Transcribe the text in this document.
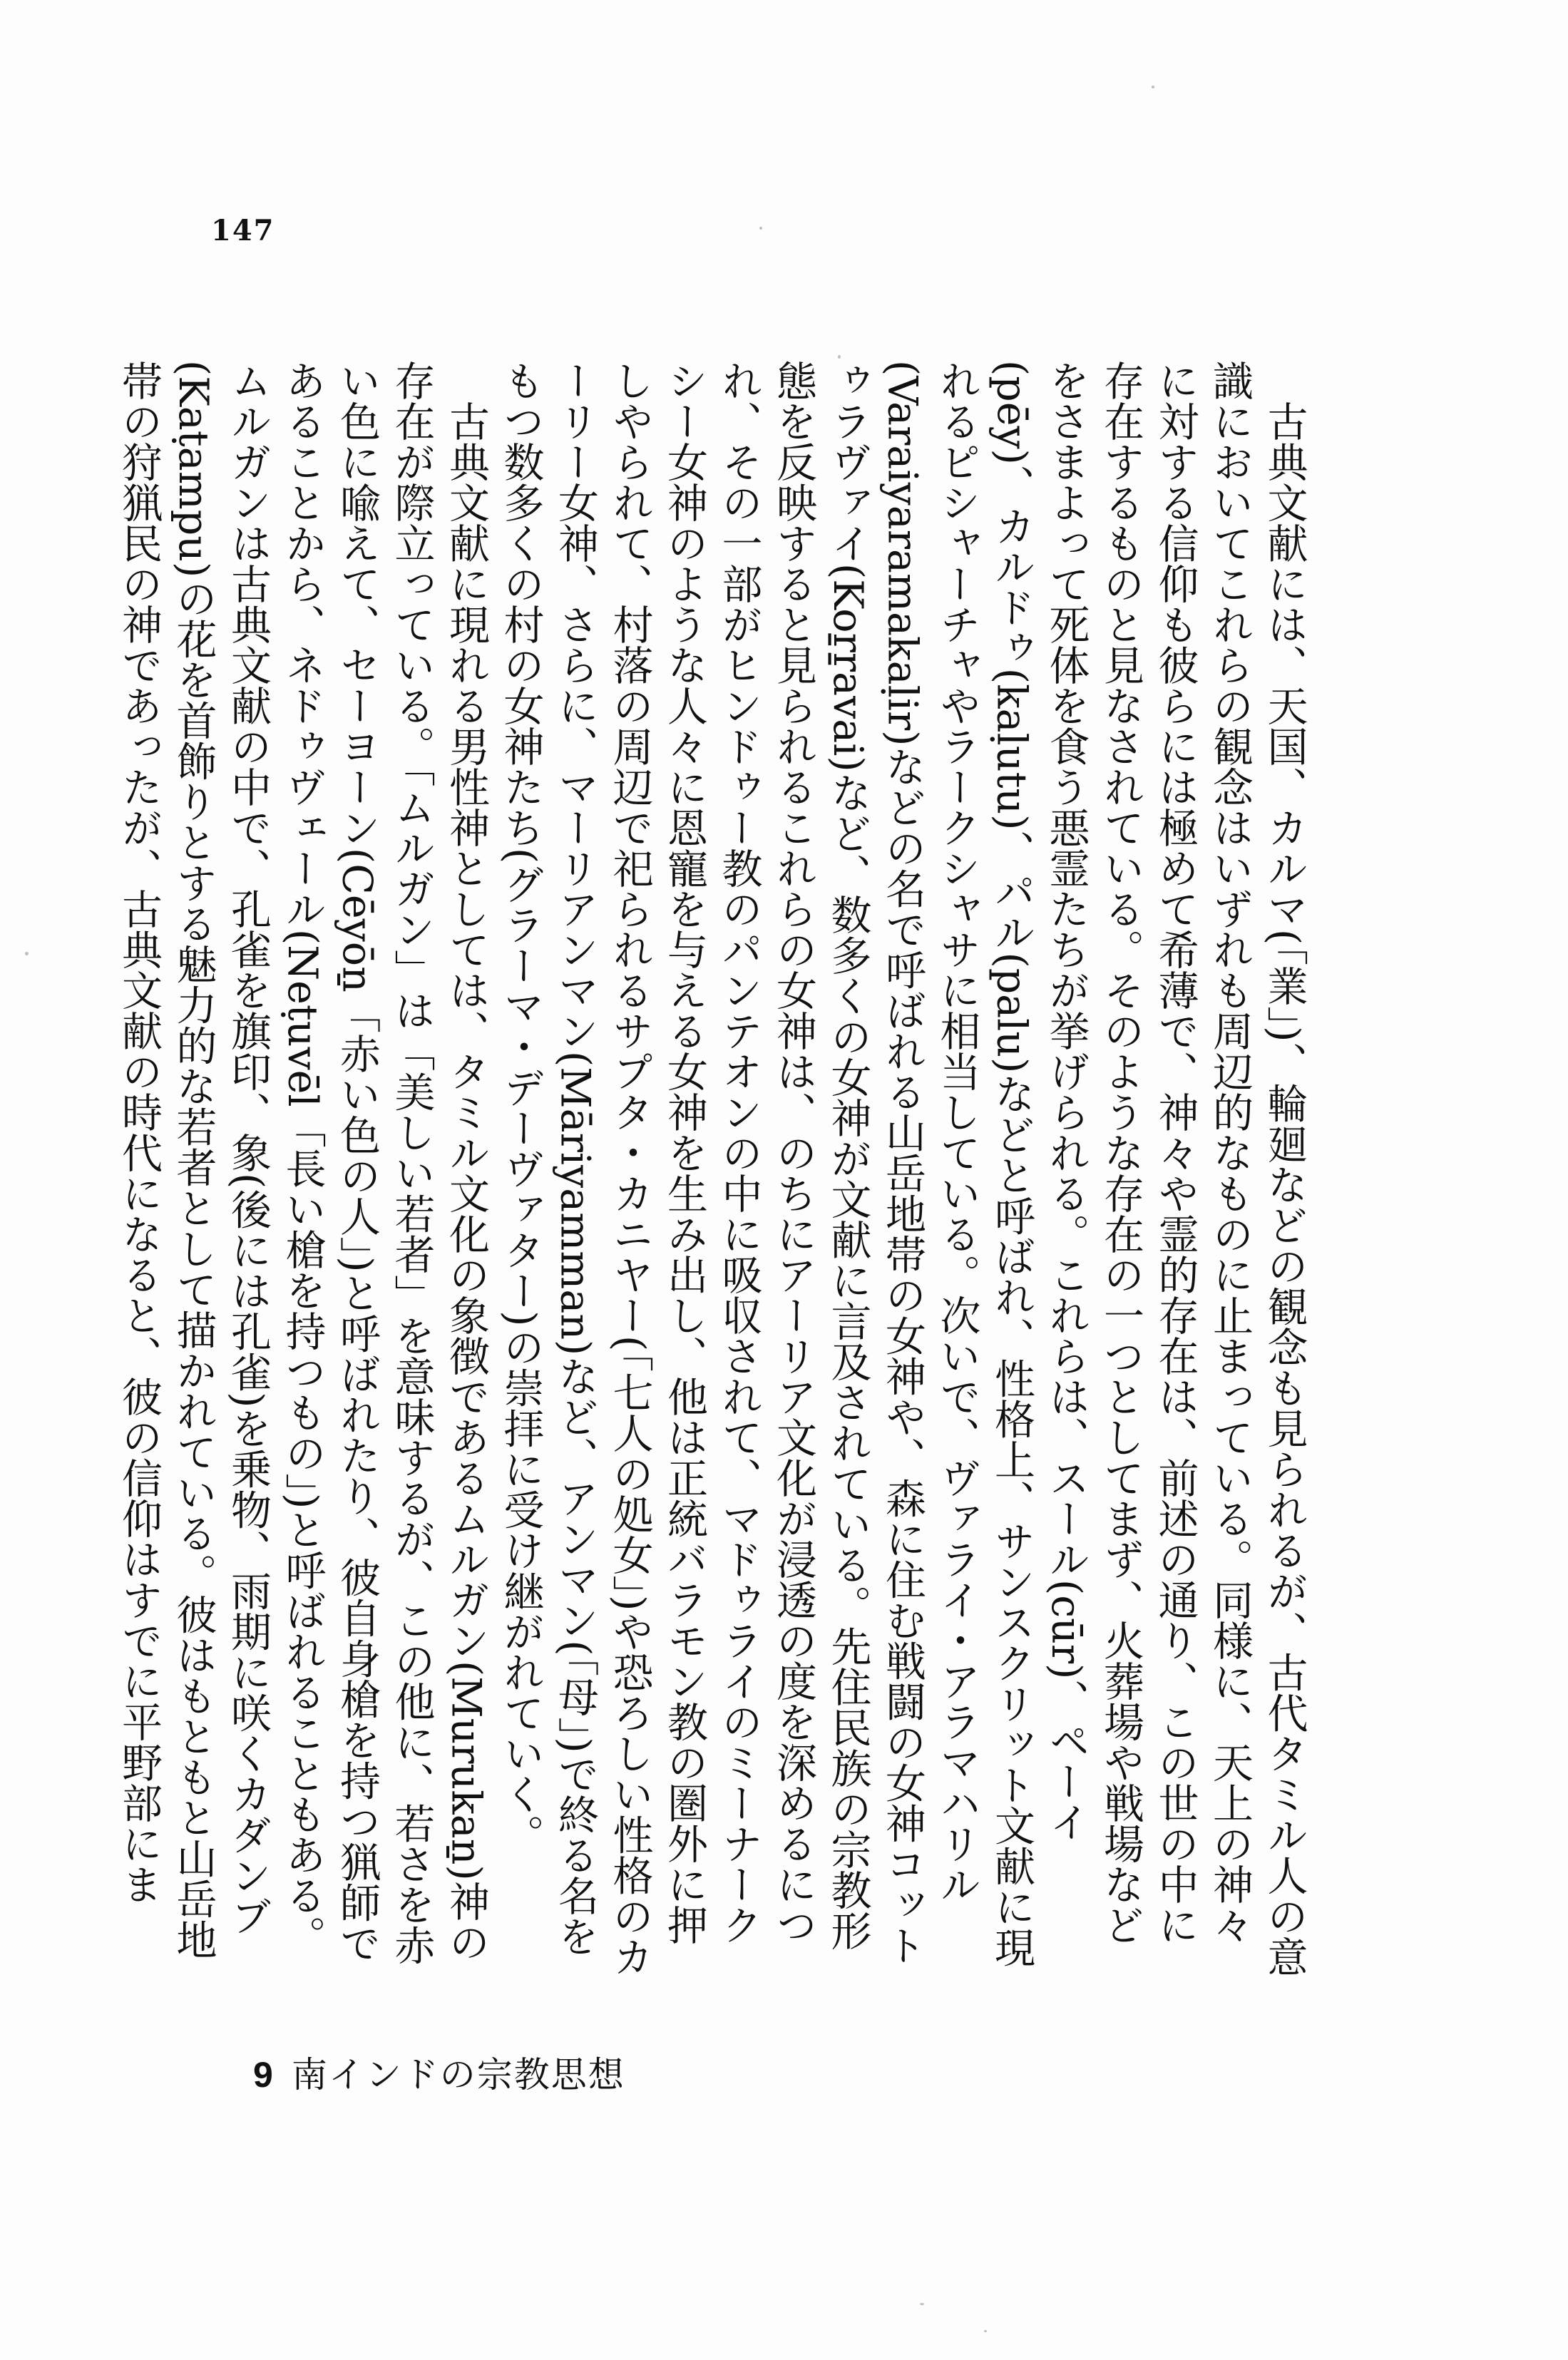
147

古典文献には、天国、カルマ(「業」)、輪廻などの観念も見られるが、古代タミル人の意識においてこれらの観念はいずれも周辺的なものに止まっている。同様に、天上の神々に対する信仰も彼らには極めて希薄で、神々や霊的存在は、前述の通り、この世の中に存在するものと見なされている。そのような存在の一つとしてまず、火葬場や戦場などをさまよって死体を食う悪霊たちが挙げられる。これらは、スール(cūr)、ペーイ(pēy)、カルドゥ(kaḷutu)、パル(palu)などと呼ばれ、性格上、サンスクリット文献に現れるピシャーチャやラークシャサに相当している。次いで、ヴァライ・アラマハリル(Varaiyaramakaḷir)などの名で呼ばれる山岳地帯の女神や、森に住む戦闘の女神コットゥラヴァイ(Koṟṟavai)など、数多くの女神が文献に言及されている。先住民族の宗教形態を反映すると見られるこれらの女神は、のちにアーリア文化が浸透の度を深めるにつれ、その一部がヒンドゥー教のパンテオンの中に吸収されて、マドゥライのミーナークシー女神のような人々に恩寵を与える女神を生み出し、他は正統バラモン教の圏外に押しやられて、村落の周辺で祀られるサプタ・カニヤー(「七人の処女」)や恐ろしい性格のカーリー女神、さらに、マーリアンマン(Māriyamman)など、アンマン(「母」)で終る名をもつ数多くの村の女神たち(グラーマ・デーヴァター)の崇拝に受け継がれていく。

古典文献に現れる男性神としては、タミル文化の象徴であるムルガン(Murukaṉ)神の存在が際立っている。「ムルガン」は「美しい若者」を意味するが、この他に、若さを赤い色に喩えて、セーヨーン(Cēyōṉ「赤い色の人」)と呼ばれたり、彼自身槍を持つ猟師であることから、ネドゥヴェール(Neṭuvēl「長い槍を持つもの」)と呼ばれることもある。ムルガンは古典文献の中で、孔雀を旗印、象(後には孔雀)を乗物、雨期に咲くカダンブ(Kaṭampu)の花を首飾りとする魅力的な若者として描かれている。彼はもともと山岳地帯の狩猟民の神であったが、古典文献の時代になると、彼の信仰はすでに平野部にま

9 南インドの宗教思想
